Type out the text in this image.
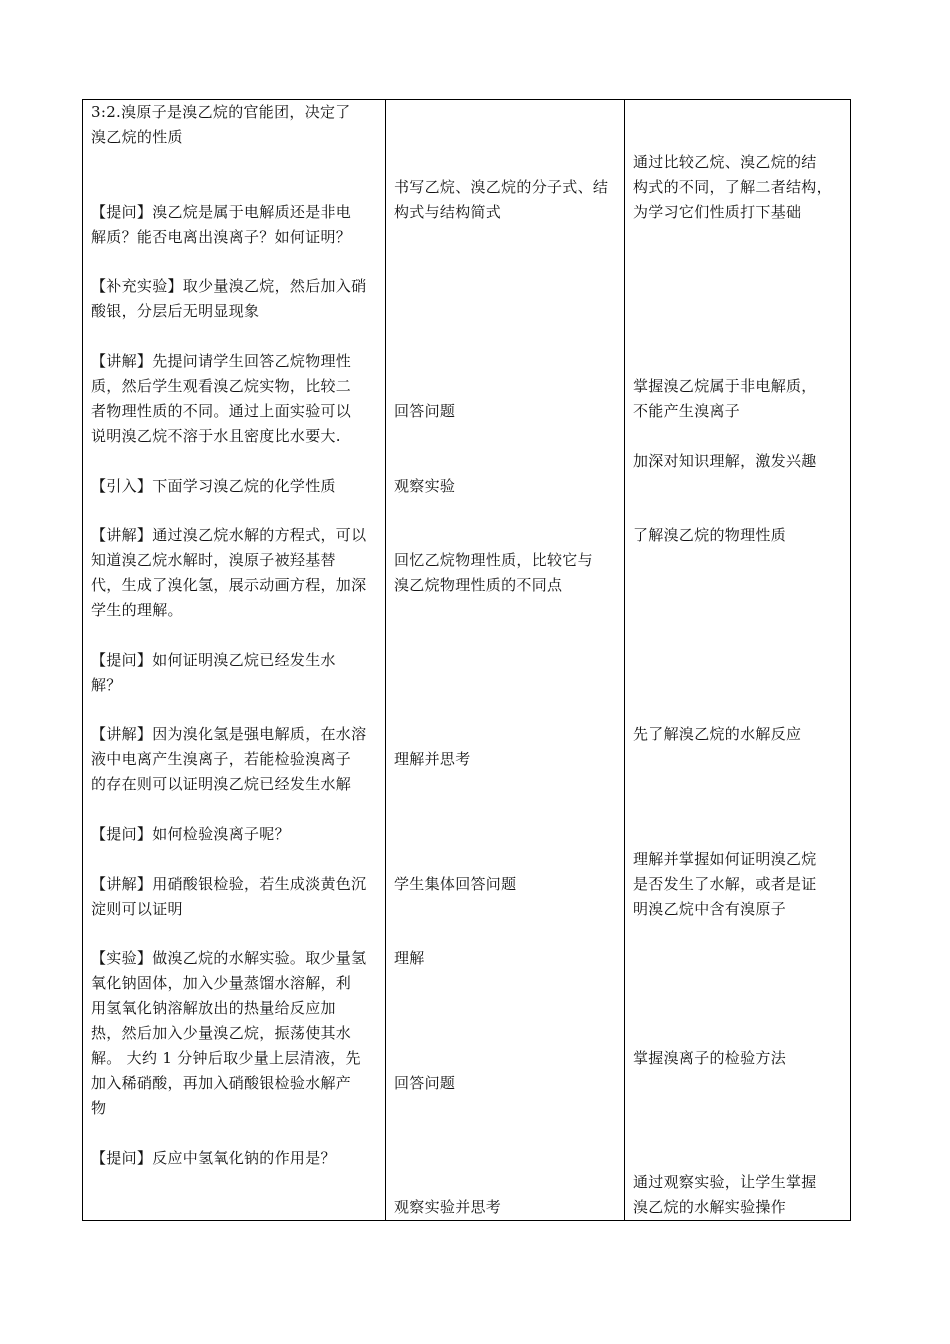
3:2.溴原子是溴乙烷的官能团，决定了
溴乙烷的性质
【提问】溴乙烷是属于电解质还是非电
解质？能否电离出溴离子？如何证明？
【补充实验】取少量溴乙烷，然后加入硝
酸银，分层后无明显现象
【讲解】先提问请学生回答乙烷物理性
质，然后学生观看溴乙烷实物，比较二
者物理性质的不同。通过上面实验可以
说明溴乙烷不溶于水且密度比水要大.
【引入】下面学习溴乙烷的化学性质
【讲解】通过溴乙烷水解的方程式，可以
知道溴乙烷水解时，溴原子被羟基替
代，生成了溴化氢，展示动画方程，加深
学生的理解。
【提问】如何证明溴乙烷已经发生水
解？
【讲解】因为溴化氢是强电解质，在水溶
液中电离产生溴离子，若能检验溴离子
的存在则可以证明溴乙烷已经发生水解
【提问】如何检验溴离子呢？
【讲解】用硝酸银检验，若生成淡黄色沉
淀则可以证明
【实验】做溴乙烷的水解实验。取少量氢
氧化钠固体，加入少量蒸馏水溶解，利
用氢氧化钠溶解放出的热量给反应加
热，然后加入少量溴乙烷，振荡使其水
解。 大约 1 分钟后取少量上层清液，先
加入稀硝酸，再加入硝酸银检验水解产
物
【提问】反应中氢氧化钠的作用是？
书写乙烷、溴乙烷的分子式、结
构式与结构简式
回答问题
观察实验
回忆乙烷物理性质，比较它与
溴乙烷物理性质的不同点
理解并思考
学生集体回答问题
理解
回答问题
观察实验并思考
通过比较乙烷、溴乙烷的结
构式的不同，了解二者结构，
为学习它们性质打下基础
掌握溴乙烷属于非电解质，
不能产生溴离子
加深对知识理解，激发兴趣
了解溴乙烷的物理性质
先了解溴乙烷的水解反应
理解并掌握如何证明溴乙烷
是否发生了水解，或者是证
明溴乙烷中含有溴原子
掌握溴离子的检验方法
通过观察实验，让学生掌握
溴乙烷的水解实验操作
